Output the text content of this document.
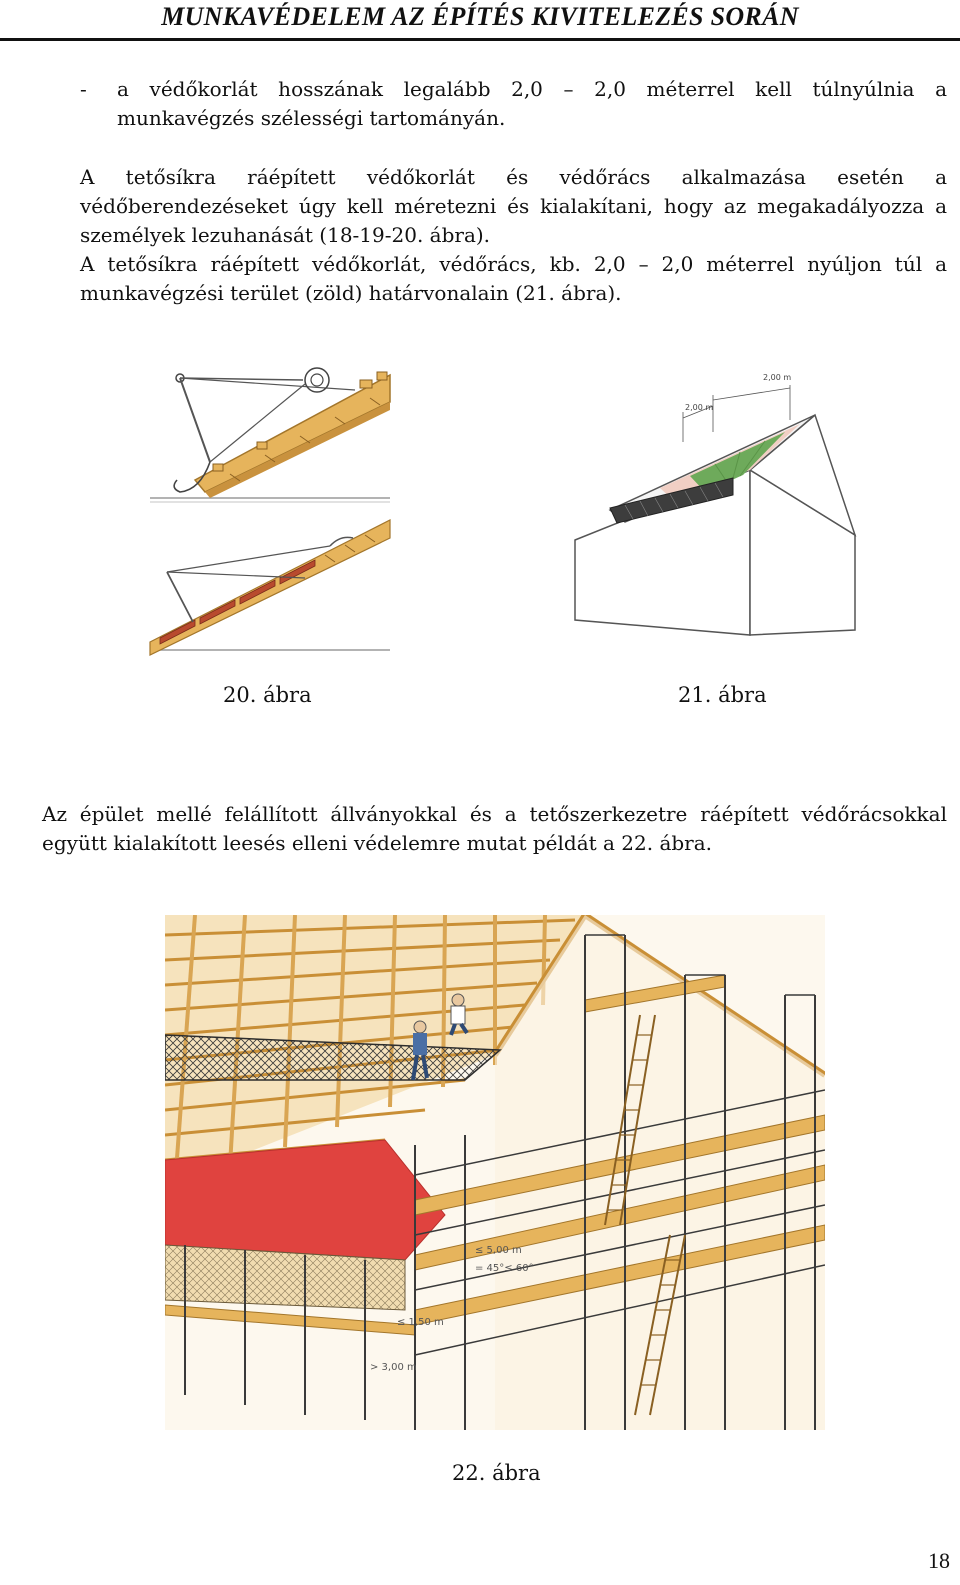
MUNKAVÉDELEM AZ ÉPÍTÉS KIVITELEZÉS SORÁN
- a védőkorlát hosszának legalább 2,0 – 2,0 méterrel kell túlnyúlnia a
munkavégzés szélességi tartományán.
A tetősíkra ráépített védőkorlát és védőrács alkalmazása esetén a
védőberendezéseket úgy kell méretezni és kialakítani, hogy az megakadályozza a
személyek lezuhanását (18-19-20. ábra).
A tetősíkra ráépített védőkorlát, védőrács, kb. 2,0 – 2,0 méterrel nyúljon túl a
munkavégzési terület (zöld) határvonalain (21. ábra).
2,00 m
2,00 m
20. ábra	21. ábra
Az épület mellé felállított állványokkal és a tetőszerkezetre ráépített védőrácsokkal
együtt kialakított leesés elleni védelemre mutat példát a 22. ábra.
≤ 5,00 m
= 45°≤ 60°
≤ 1,50 m
> 3,00 m
22. ábra
18
